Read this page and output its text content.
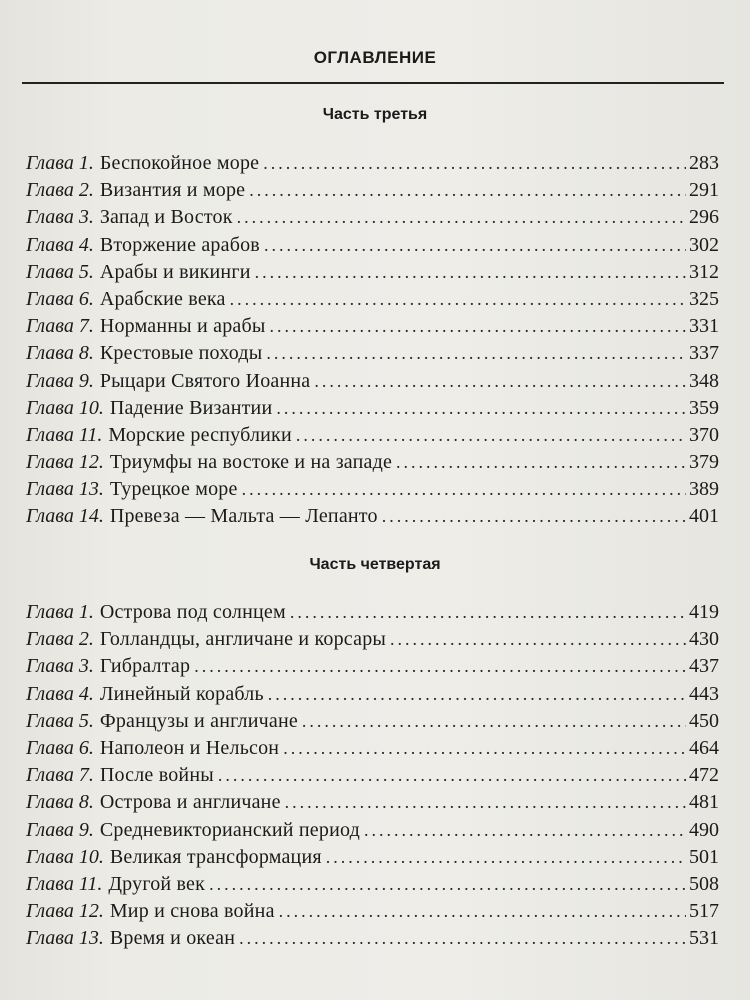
ОГЛАВЛЕНИЕ
Часть третья
Глава 1. Беспокойное море .....	283
Глава 2. Византия и море .....	291
Глава 3. Запад и Восток .....	296
Глава 4. Вторжение арабов .....	302
Глава 5. Арабы и викинги .....	312
Глава 6. Арабские века .....	325
Глава 7. Норманны и арабы .....	331
Глава 8. Крестовые походы .....	337
Глава 9. Рыцари Святого Иоанна .....	348
Глава 10. Падение Византии .....	359
Глава 11. Морские республики .....	370
Глава 12. Триумфы на востоке и на западе .....	379
Глава 13. Турецкое море .....	389
Глава 14. Превеза — Мальта — Лепанто .....	401
Часть четвертая
Глава 1. Острова под солнцем .....	419
Глава 2. Голландцы, англичане и корсары .....	430
Глава 3. Гибралтар .....	437
Глава 4. Линейный корабль .....	443
Глава 5. Французы и англичане .....	450
Глава 6. Наполеон и Нельсон .....	464
Глава 7. После войны .....	472
Глава 8. Острова и англичане .....	481
Глава 9. Средневикторианский период .....	490
Глава 10. Великая трансформация .....	501
Глава 11. Другой век .....	508
Глава 12. Мир и снова война .....	517
Глава 13. Время и океан .....	531
